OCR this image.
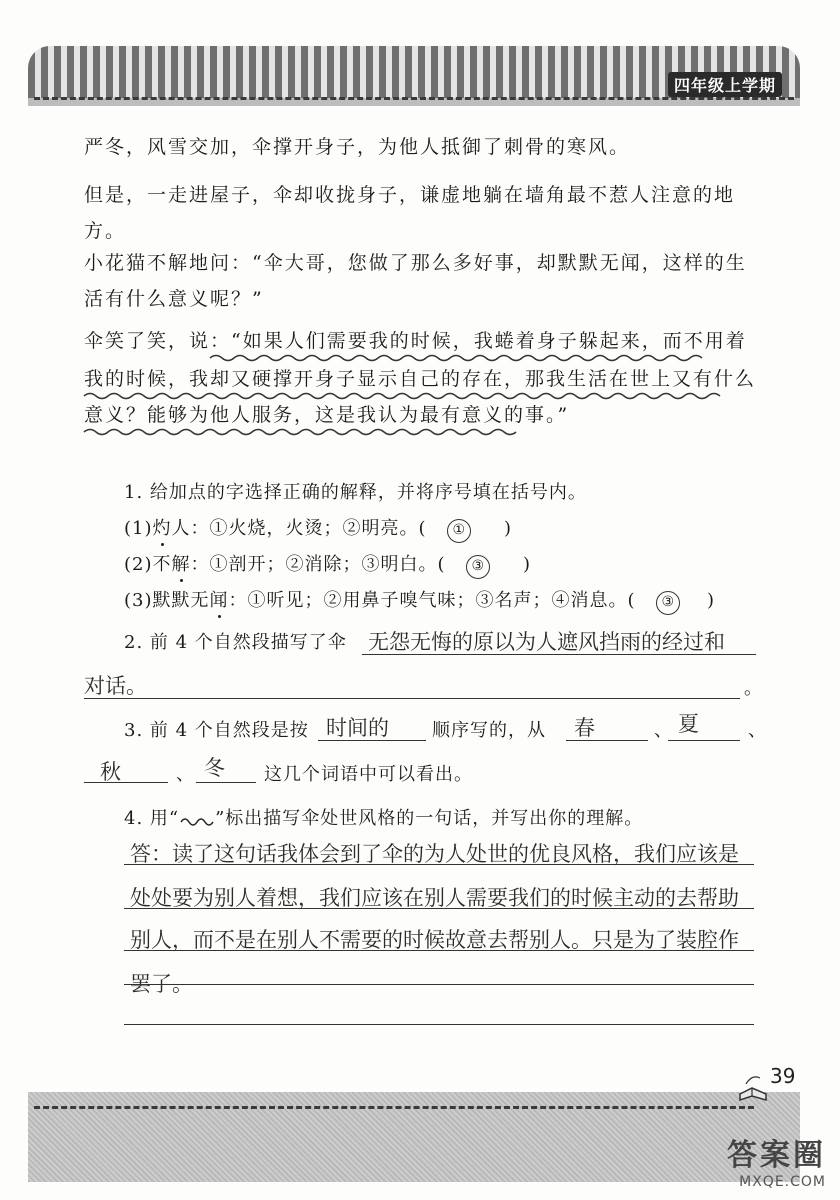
四年级上学期
严冬，风雪交加，伞撑开身子，为他人抵御了刺骨的寒风。
但是，一走进屋子，伞却收拢身子，谦虚地躺在墙角最不惹人注意的地
方。
小花猫不解地问：“伞大哥，您做了那么多好事，却默默无闻，这样的生
活有什么意义呢？”
伞笑了笑，说：“如果人们需要我的时候，我蜷着身子躲起来，而不用着
我的时候，我却又硬撑开身子显示自己的存在，那我生活在世上又有什么
意义？能够为他人服务，这是我认为最有意义的事。”
1. 给加点的字选择正确的解释，并将序号填在括号内。
(1)灼人：①火烧，火烫；②明亮。( ① )
(2)不解：①剖开；②消除；③明白。( ③ )
(3)默默无闻：①听见；②用鼻子嗅气味；③名声；④消息。( ③ )
2. 前 4 个自然段描写了伞 无怨无悔的原以为人遮风挡雨的经过和
对话。	。
3. 前 4 个自然段是按 时间的 顺序写的，从 春	、 夏	、
秋	、 冬 这几个词语中可以看出。
4. 用“ ”标出描写伞处世风格的一句话，并写出你的理解。
答：读了这句话我体会到了伞的为人处世的优良风格，我们应该是
处处要为别人着想，我们应该在别人需要我们的时候主动的去帮助
别人，而不是在别人不需要的时候故意去帮别人。只是为了装腔作
罢了。
39
答案圈
MXQE.COM
